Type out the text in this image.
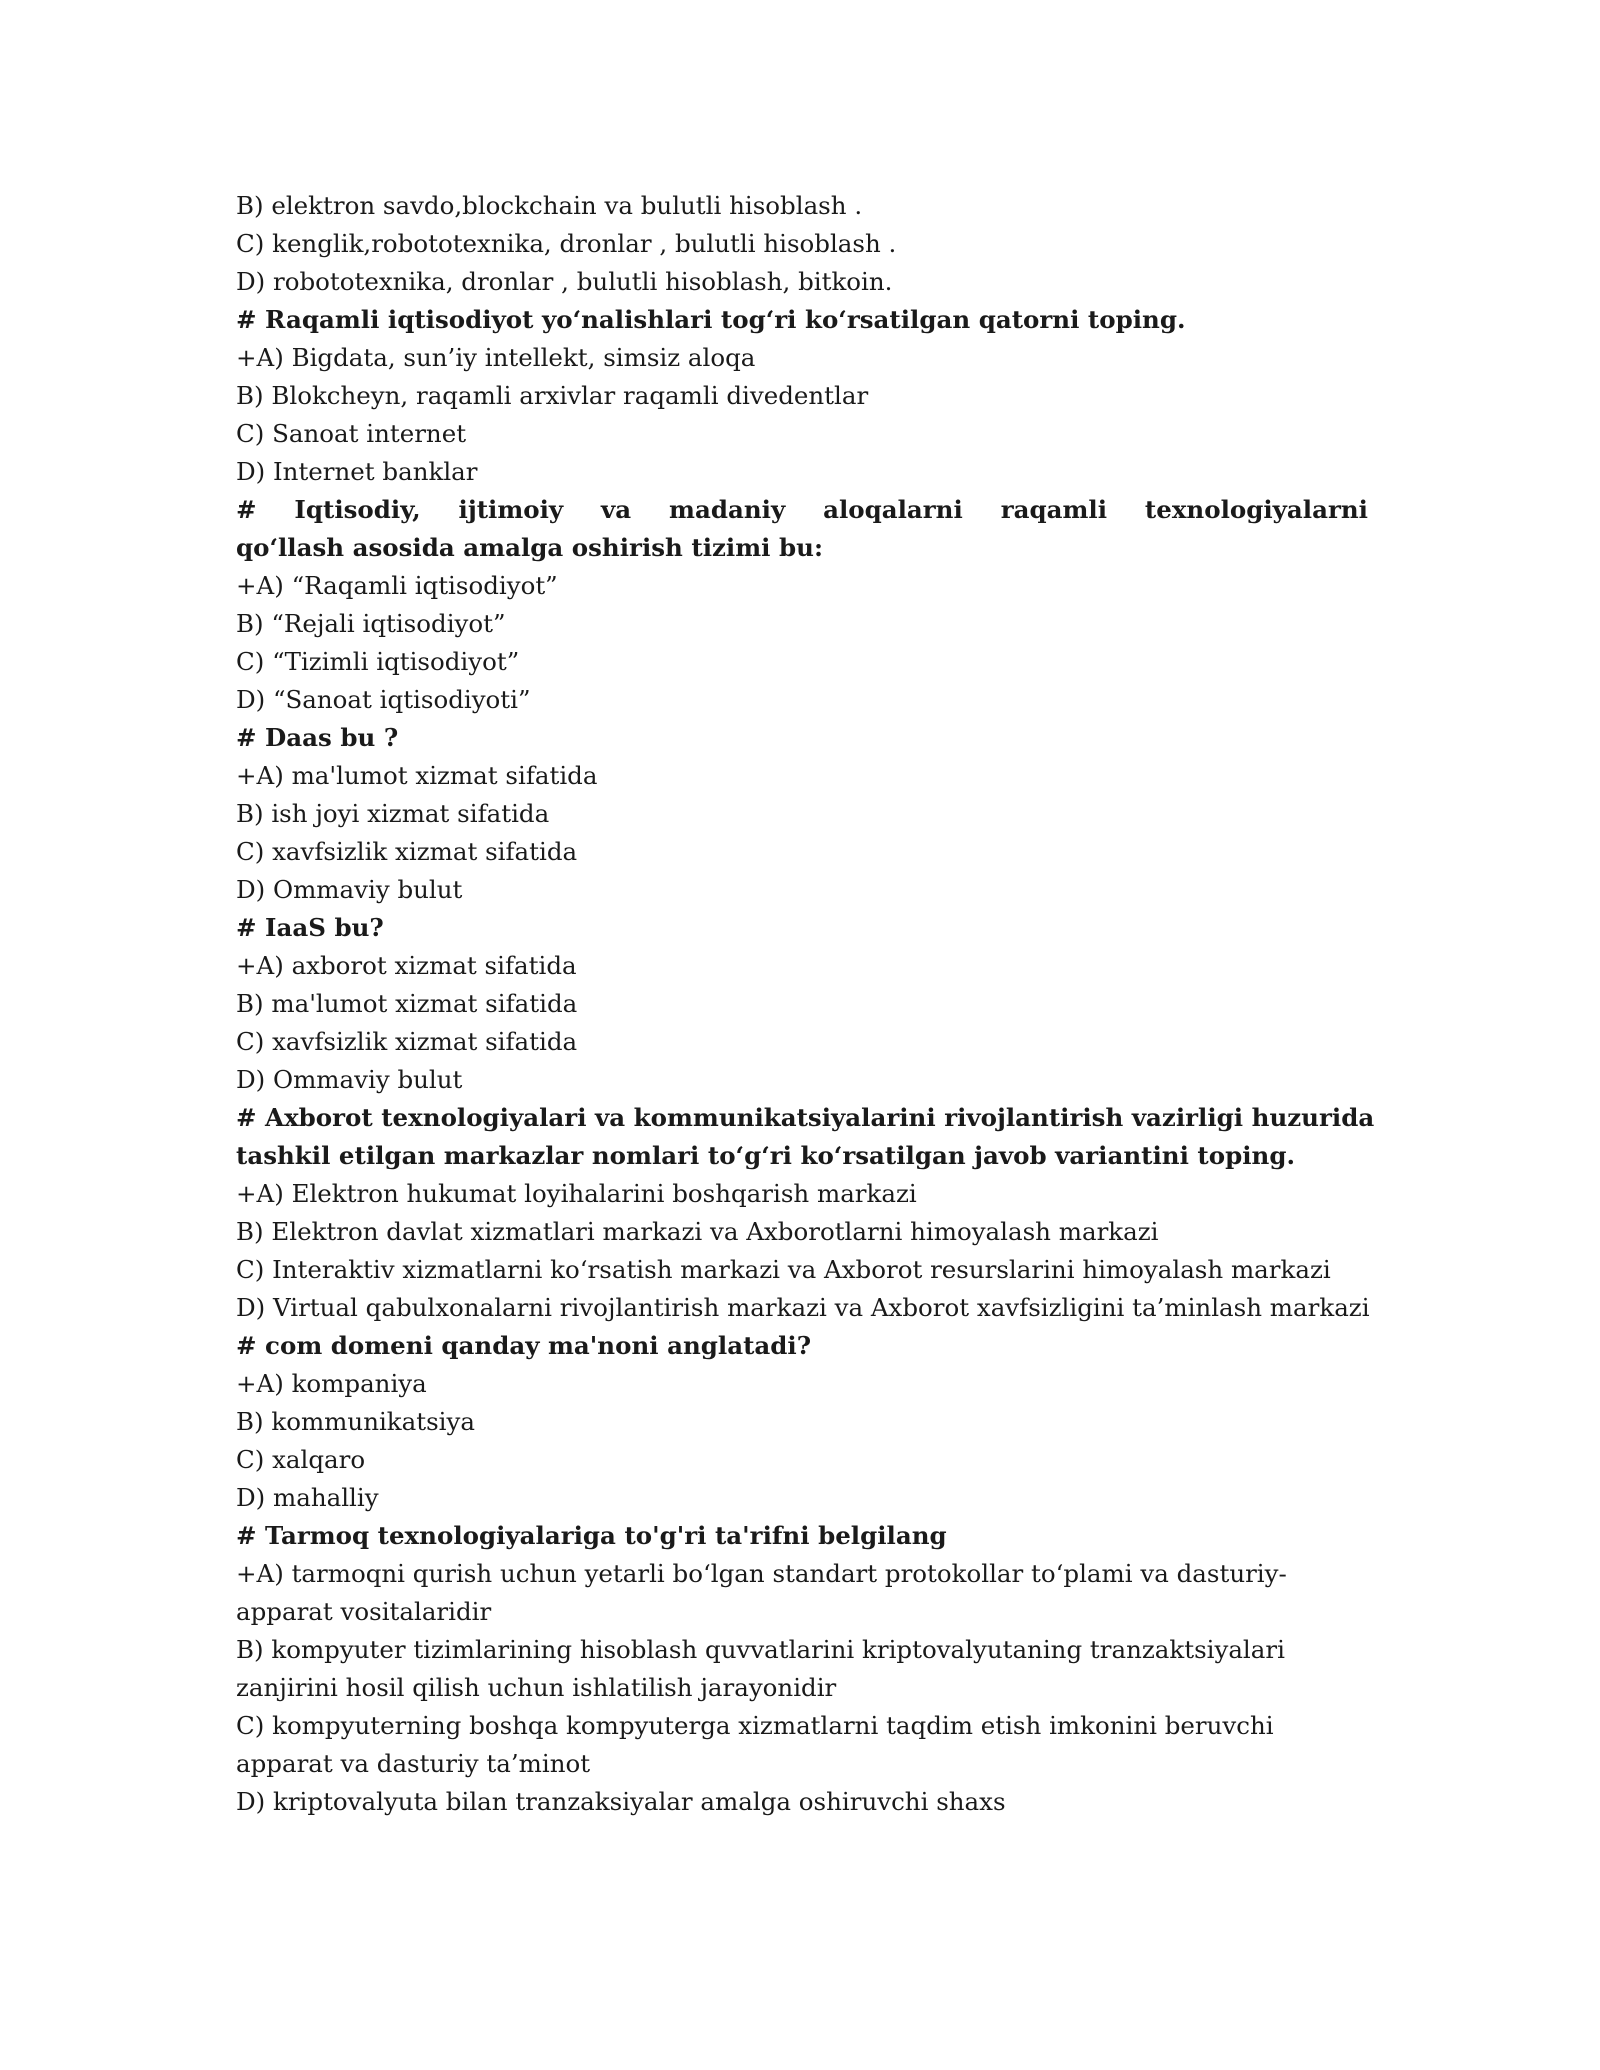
B) elektron savdo,blockchain va bulutli hisoblash .
C) kenglik,robototexnika, dronlar , bulutli hisoblash .
D) robototexnika, dronlar , bulutli hisoblash, bitkoin.
# Raqamli iqtisodiyot yo‘nalishlari tog‘ri ko‘rsatilgan qatorni toping.
+A) Bigdata, sun’iy intellekt, simsiz aloqa
B) Blokcheyn, raqamli arxivlar raqamli divedentlar
C) Sanoat internet
D) Internet banklar
# Iqtisodiy, ijtimoiy va madaniy aloqalarni raqamli texnologiyalarni
qo‘llash asosida amalga oshirish tizimi bu:
+A) “Raqamli iqtisodiyot”
B) “Rejali iqtisodiyot”
C) “Tizimli iqtisodiyot”
D) “Sanoat iqtisodiyoti”
# Daas bu ?
+A) ma'lumot xizmat sifatida
B) ish joyi xizmat sifatida
C) xavfsizlik xizmat sifatida
D) Ommaviy bulut
# IaaS bu?
+A) axborot xizmat sifatida
B) ma'lumot xizmat sifatida
C) xavfsizlik xizmat sifatida
D) Ommaviy bulut
# Axborot texnologiyalari va kommunikatsiyalarini rivojlantirish vazirligi huzurida
tashkil etilgan markazlar nomlari to‘g‘ri ko‘rsatilgan javob variantini toping.
+A) Elektron hukumat loyihalarini boshqarish markazi
B) Elektron davlat xizmatlari markazi va Axborotlarni himoyalash markazi
C) Interaktiv xizmatlarni ko‘rsatish markazi va Axborot resurslarini himoyalash markazi
D) Virtual qabulxonalarni rivojlantirish markazi va Axborot xavfsizligini ta’minlash markazi
# com domeni qanday ma'noni anglatadi?
+A) kompaniya
B) kommunikatsiya
C) xalqaro
D) mahalliy
# Tarmoq texnologiyalariga to'g'ri ta'rifni belgilang
+A) tarmoqni qurish uchun yetarli bo‘lgan standart protokollar to‘plami va dasturiy-apparat vositalaridir
B) kompyuter tizimlarining hisoblash quvvatlarini kriptovalyutaning tranzaktsiyalari zanjirini hosil qilish uchun ishlatilish jarayonidir
C) kompyuterning boshqa kompyuterga xizmatlarni taqdim etish imkonini beruvchi apparat va dasturiy ta’minot
D) kriptovalyuta bilan tranzaksiyalar amalga oshiruvchi shaxs
